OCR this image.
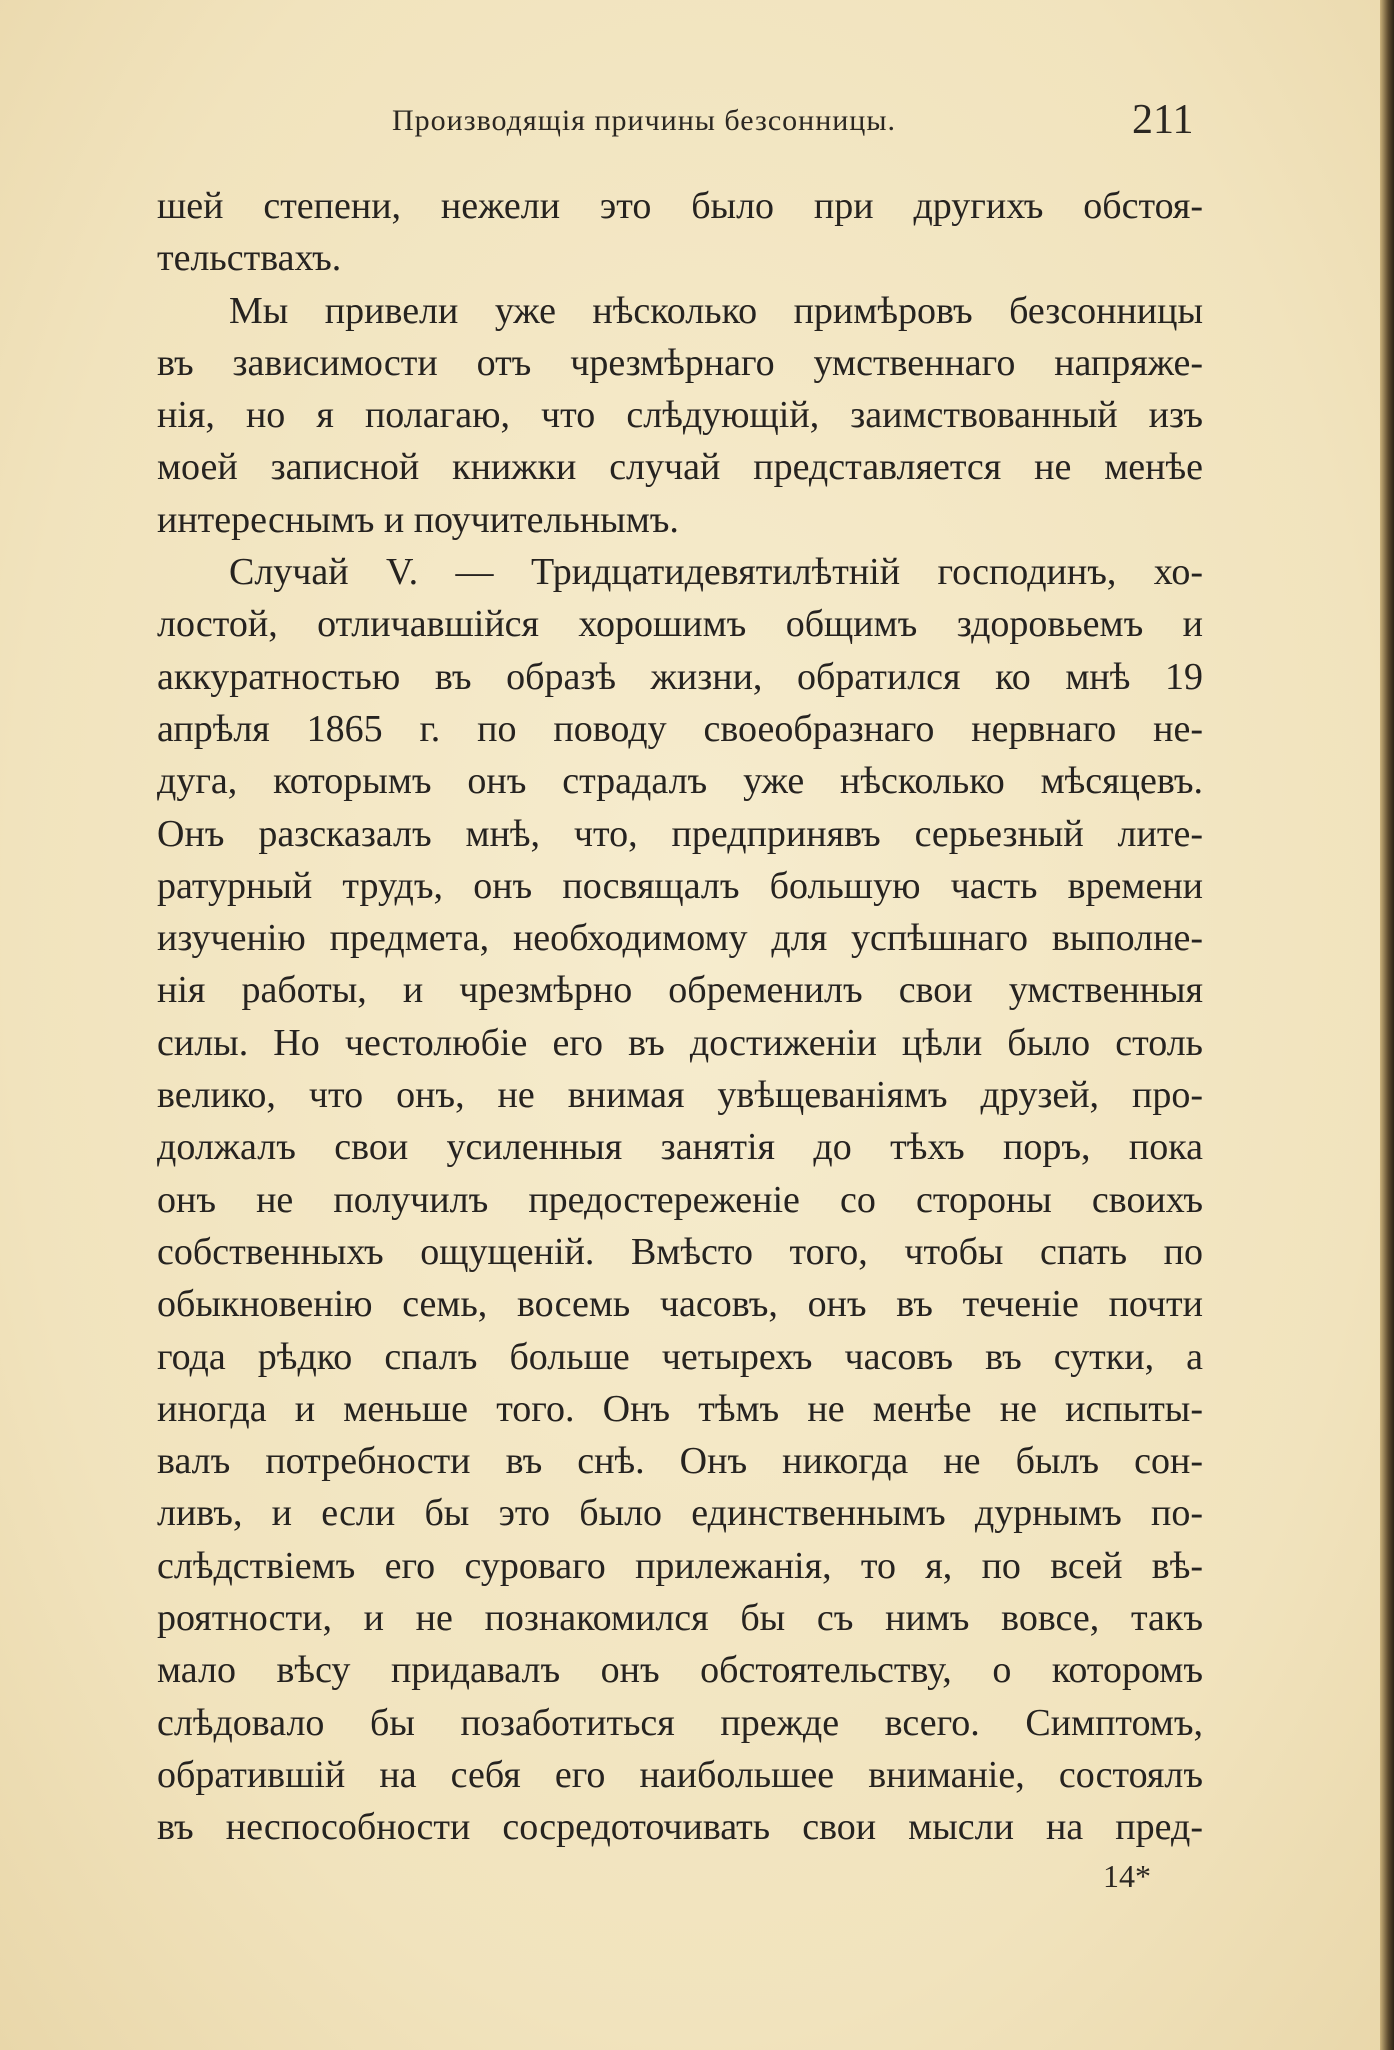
Производящія причины безсонницы.	211
шей степени, нежели это было при другихъ обстоя-
тельствахъ.
Мы привели уже нѣсколько примѣровъ безсонницы
въ зависимости отъ чрезмѣрнаго умственнаго напряже-
нія, но я полагаю, что слѣдующій, заимствованный изъ
моей записной книжки случай представляется не менѣе
интереснымъ и поучительнымъ.
Случай V. — Тридцатидевятилѣтній господинъ, хо-
лостой, отличавшійся хорошимъ общимъ здоровьемъ и
аккуратностью въ образѣ жизни, обратился ко мнѣ 19
апрѣля 1865 г. по поводу своеобразнаго нервнаго не-
дуга, которымъ онъ страдалъ уже нѣсколько мѣсяцевъ.
Онъ разсказалъ мнѣ, что, предпринявъ серьезный лите-
ратурный трудъ, онъ посвящалъ большую часть времени
изученію предмета, необходимому для успѣшнаго выполне-
нія работы, и чрезмѣрно обременилъ свои умственныя
силы. Но честолюбіе его въ достиженіи цѣли было столь
велико, что онъ, не внимая увѣщеваніямъ друзей, про-
должалъ свои усиленныя занятія до тѣхъ поръ, пока
онъ не получилъ предостереженіе со стороны своихъ
собственныхъ ощущеній. Вмѣсто того, чтобы спать по
обыкновенію семь, восемь часовъ, онъ въ теченіе почти
года рѣдко спалъ больше четырехъ часовъ въ сутки, а
иногда и меньше того. Онъ тѣмъ не менѣе не испыты-
валъ потребности въ снѣ. Онъ никогда не былъ сон-
ливъ, и если бы это было единственнымъ дурнымъ по-
слѣдствіемъ его суроваго прилежанія, то я, по всей вѣ-
роятности, и не познакомился бы съ нимъ вовсе, такъ
мало вѣсу придавалъ онъ обстоятельству, о которомъ
слѣдовало бы позаботиться прежде всего. Симптомъ,
обратившій на себя его наибольшее вниманіе, состоялъ
въ неспособности сосредоточивать свои мысли на пред-
14*
